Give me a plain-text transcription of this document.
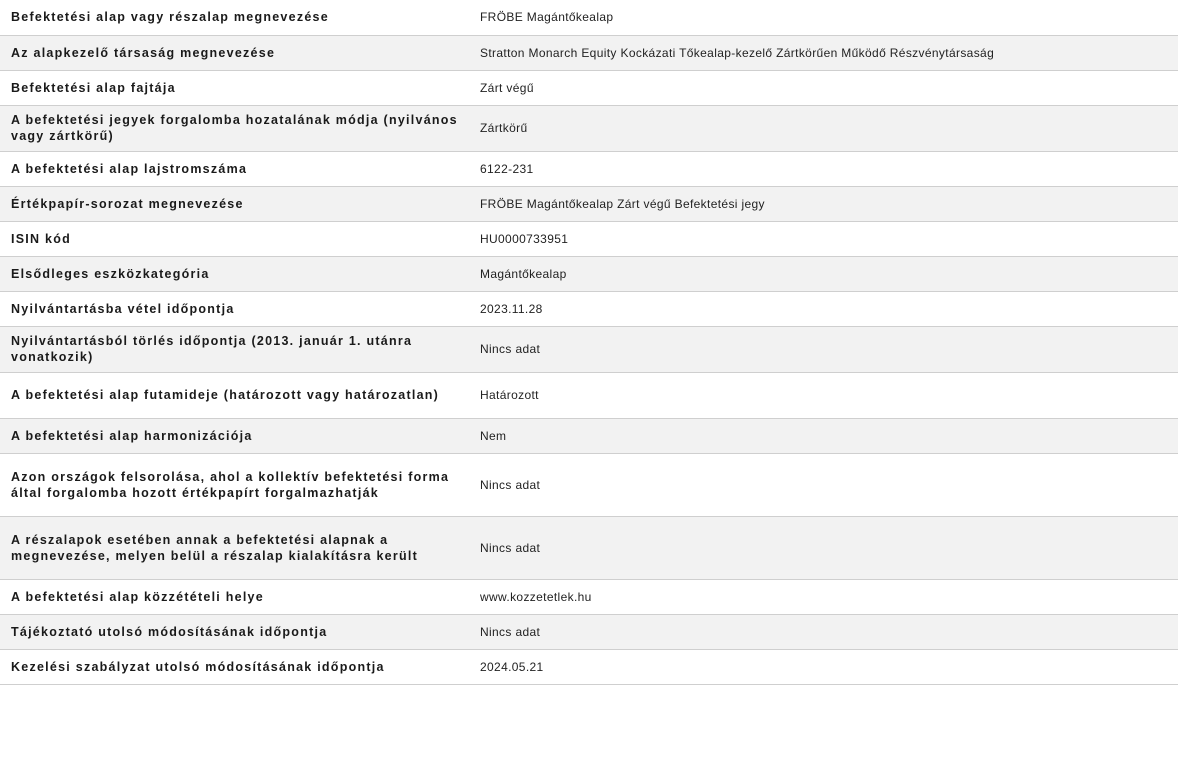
Befektetési alap vagy részalap megnevezése	FRÖBE Magántőkealap
Az alapkezelő társaság megnevezése	Stratton Monarch Equity Kockázati Tőkealap-kezelő Zártkörűen Működő Részvénytársaság
Befektetési alap fajtája	Zárt végű
A befektetési jegyek forgalomba hozatalának módja (nyilvános vagy zártkörű)	Zártkörű
A befektetési alap lajstromszáma	6122-231
Értékpapír-sorozat megnevezése	FRÖBE Magántőkealap Zárt végű Befektetési jegy
ISIN kód	HU0000733951
Elsődleges eszközkategória	Magántőkealap
Nyilvántartásba vétel időpontja	2023.11.28
Nyilvántartásból törlés időpontja (2013. január 1. utánra vonatkozik)	Nincs adat
A befektetési alap futamideje (határozott vagy határozatlan)	Határozott
A befektetési alap harmonizációja	Nem
Azon országok felsorolása, ahol a kollektív befektetési forma által forgalomba hozott értékpapírt forgalmazhatják	Nincs adat
A részalapok esetében annak a befektetési alapnak a megnevezése, melyen belül a részalap kialakításra került	Nincs adat
A befektetési alap közzétételi helye	www.kozzetetlek.hu
Tájékoztató utolsó módosításának időpontja	Nincs adat
Kezelési szabályzat utolsó módosításának időpontja	2024.05.21
